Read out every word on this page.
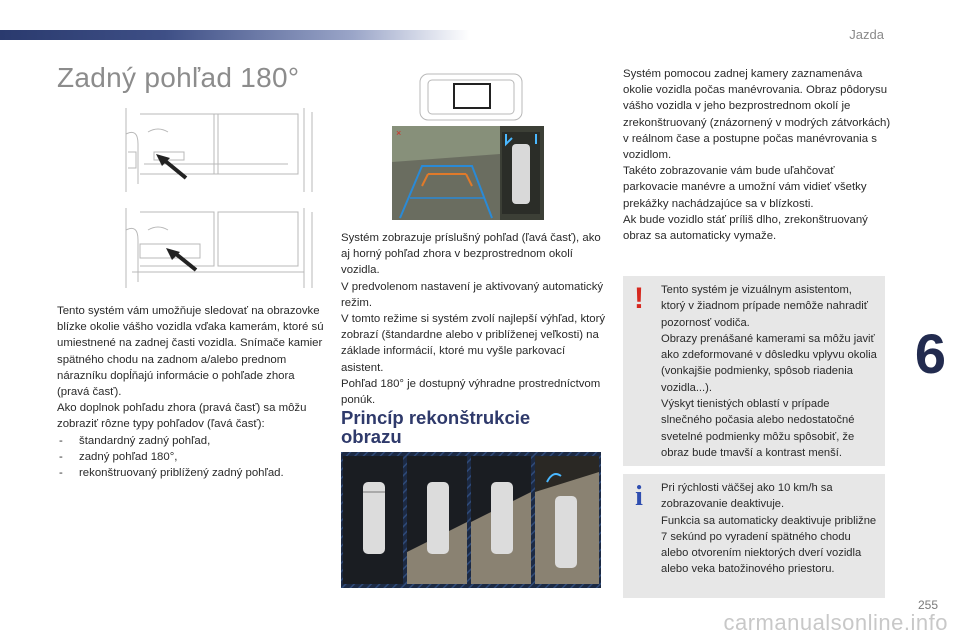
Jazda
Zadný pohľad 180°
×

Tento systém vám umožňuje sledovať na obrazovke blízke okolie vášho vozidla vďaka kamerám, ktoré sú umiestnené na zadnej časti vozidla. Snímače kamier spätného chodu na zadnom a/alebo prednom nárazníku dopĺňajú informácie o pohľade zhora (pravá časť).

Ako doplnok pohľadu zhora (pravá časť) sa môžu zobraziť rôzne typy pohľadov (ľavá časť):

- štandardný zadný pohľad,
- zadný pohľad 180°,
- rekonštruovaný priblížený zadný pohľad.

Systém zobrazuje príslušný pohľad (ľavá časť), ako aj horný pohľad zhora v bezprostrednom okolí vozidla.

V predvolenom nastavení je aktivovaný automatický režim.

V tomto režime si systém zvolí najlepší výhľad, ktorý zobrazí (štandardne alebo v priblíženej veľkosti) na základe informácií, ktoré mu vyšle parkovací asistent.

Pohľad 180° je dostupný výhradne prostredníctvom ponúk.

Princíp rekonštrukcie obrazu

Systém pomocou zadnej kamery zaznamenáva okolie vozidla počas manévrovania. Obraz pôdorysu vášho vozidla v jeho bezprostrednom okolí je zrekonštruovaný (znázornený v modrých zátvorkách) v reálnom čase a postupne počas manévrovania s vozidlom.

Takéto zobrazovanie vám bude uľahčovať parkovacie manévre a umožní vám vidieť všetky prekážky nachádzajúce sa v blízkosti.

Ak bude vozidlo stáť príliš dlho, zrekonštruovaný obraz sa automaticky vymaže.

! Tento systém je vizuálnym asistentom, ktorý v žiadnom prípade nemôže nahradiť pozornosť vodiča.

Obrazy prenášané kamerami sa môžu javiť ako zdeformované v dôsledku vplyvu okolia (vonkajšie podmienky, spôsob riadenia vozidla...).

Výskyt tienistých oblastí v prípade slnečného počasia alebo nedostatočné svetelné podmienky môžu spôsobiť, že obraz bude tmavší a kontrast menší.

i	Pri rýchlosti väčšej ako 10 km/h sa zobrazovanie deaktivuje.

Funkcia sa automaticky deaktivuje približne 7 sekúnd po vyradení spätného chodu alebo otvorením niektorých dverí vozidla alebo veka batožinového priestoru.

6
carmanualsonline.info
255
